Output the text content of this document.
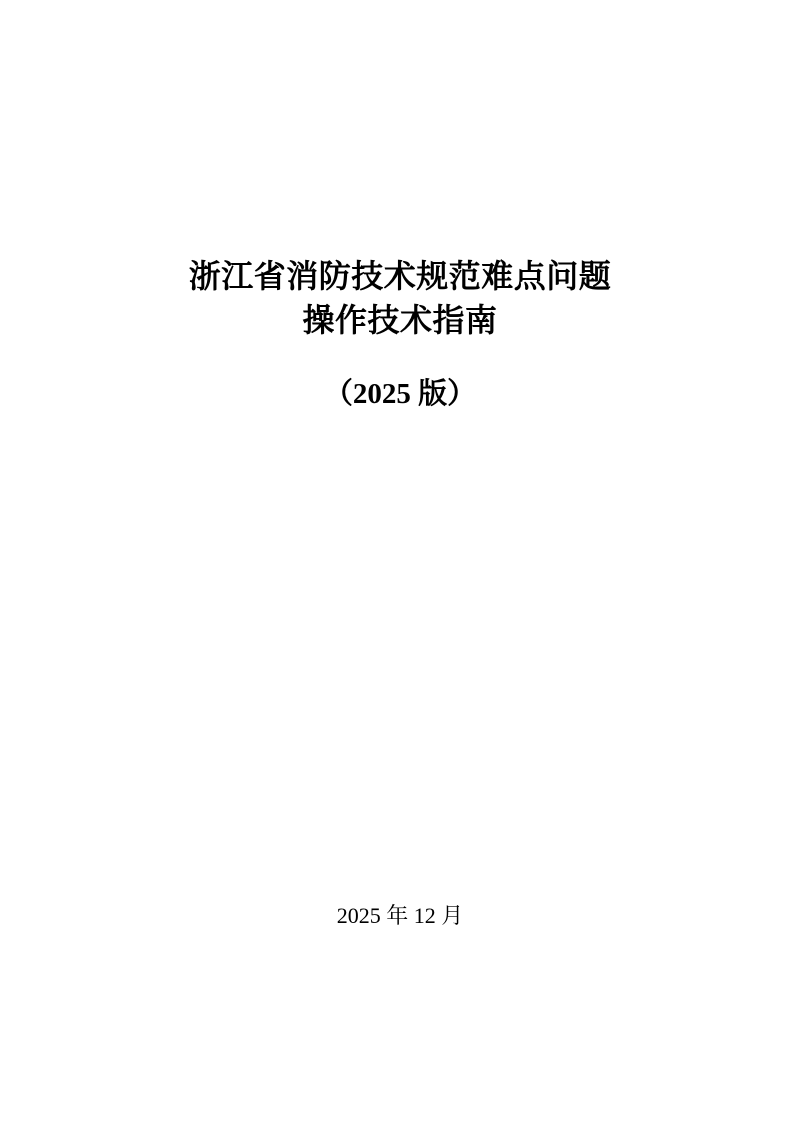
浙江省消防技术规范难点问题
操作技术指南
（2025 版）
2025 年 12 月
